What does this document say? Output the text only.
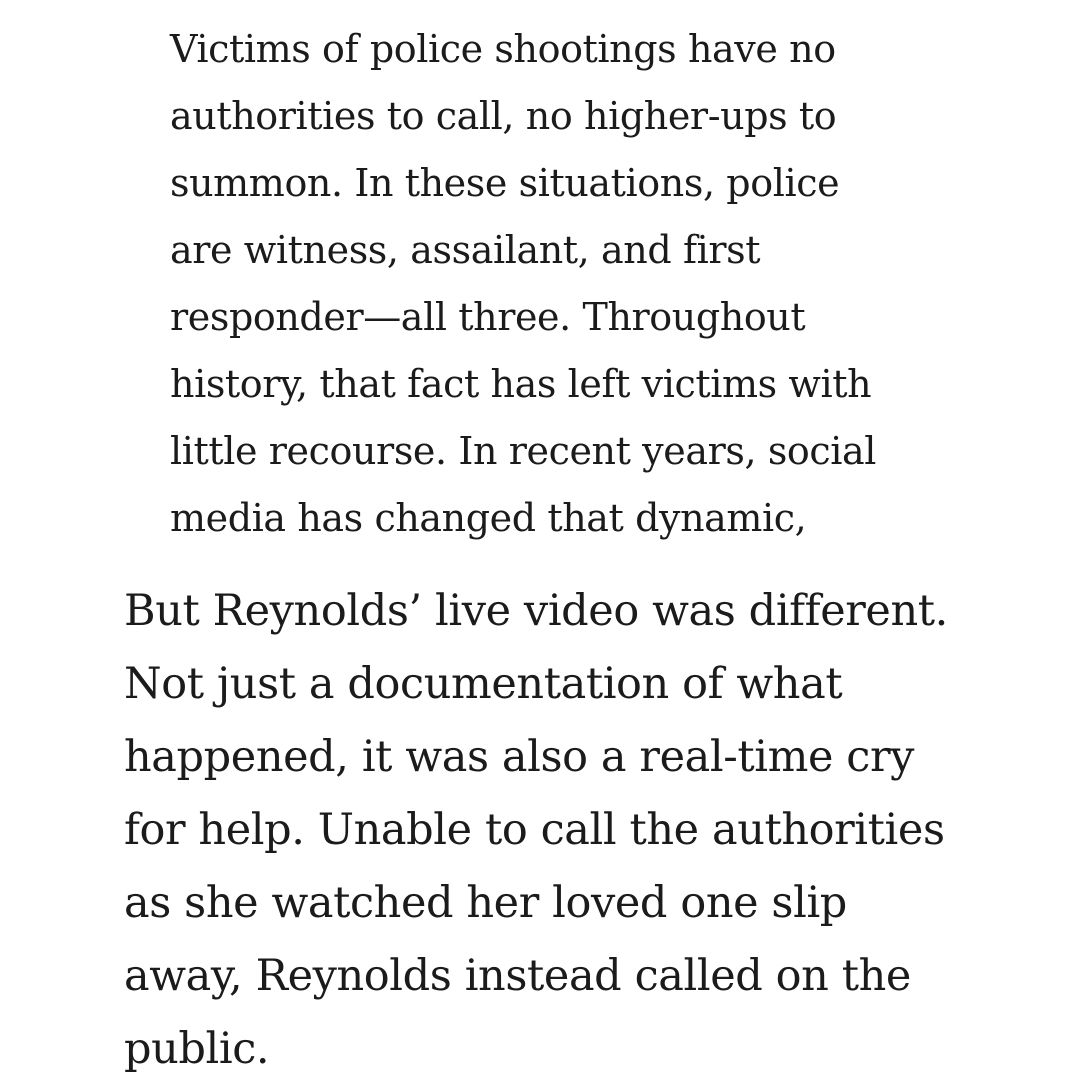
Victims of police shootings have no
authorities to call, no higher-ups to
summon. In these situations, police
are witness, assailant, and first
responder—all three. Throughout
history, that fact has left victims with
little recourse. In recent years, social
media has changed that dynamic,

But Reynolds’ live video was different.
Not just a documentation of what
happened, it was also a real-time cry
for help. Unable to call the authorities
as she watched her loved one slip
away, Reynolds instead called on the
public.
